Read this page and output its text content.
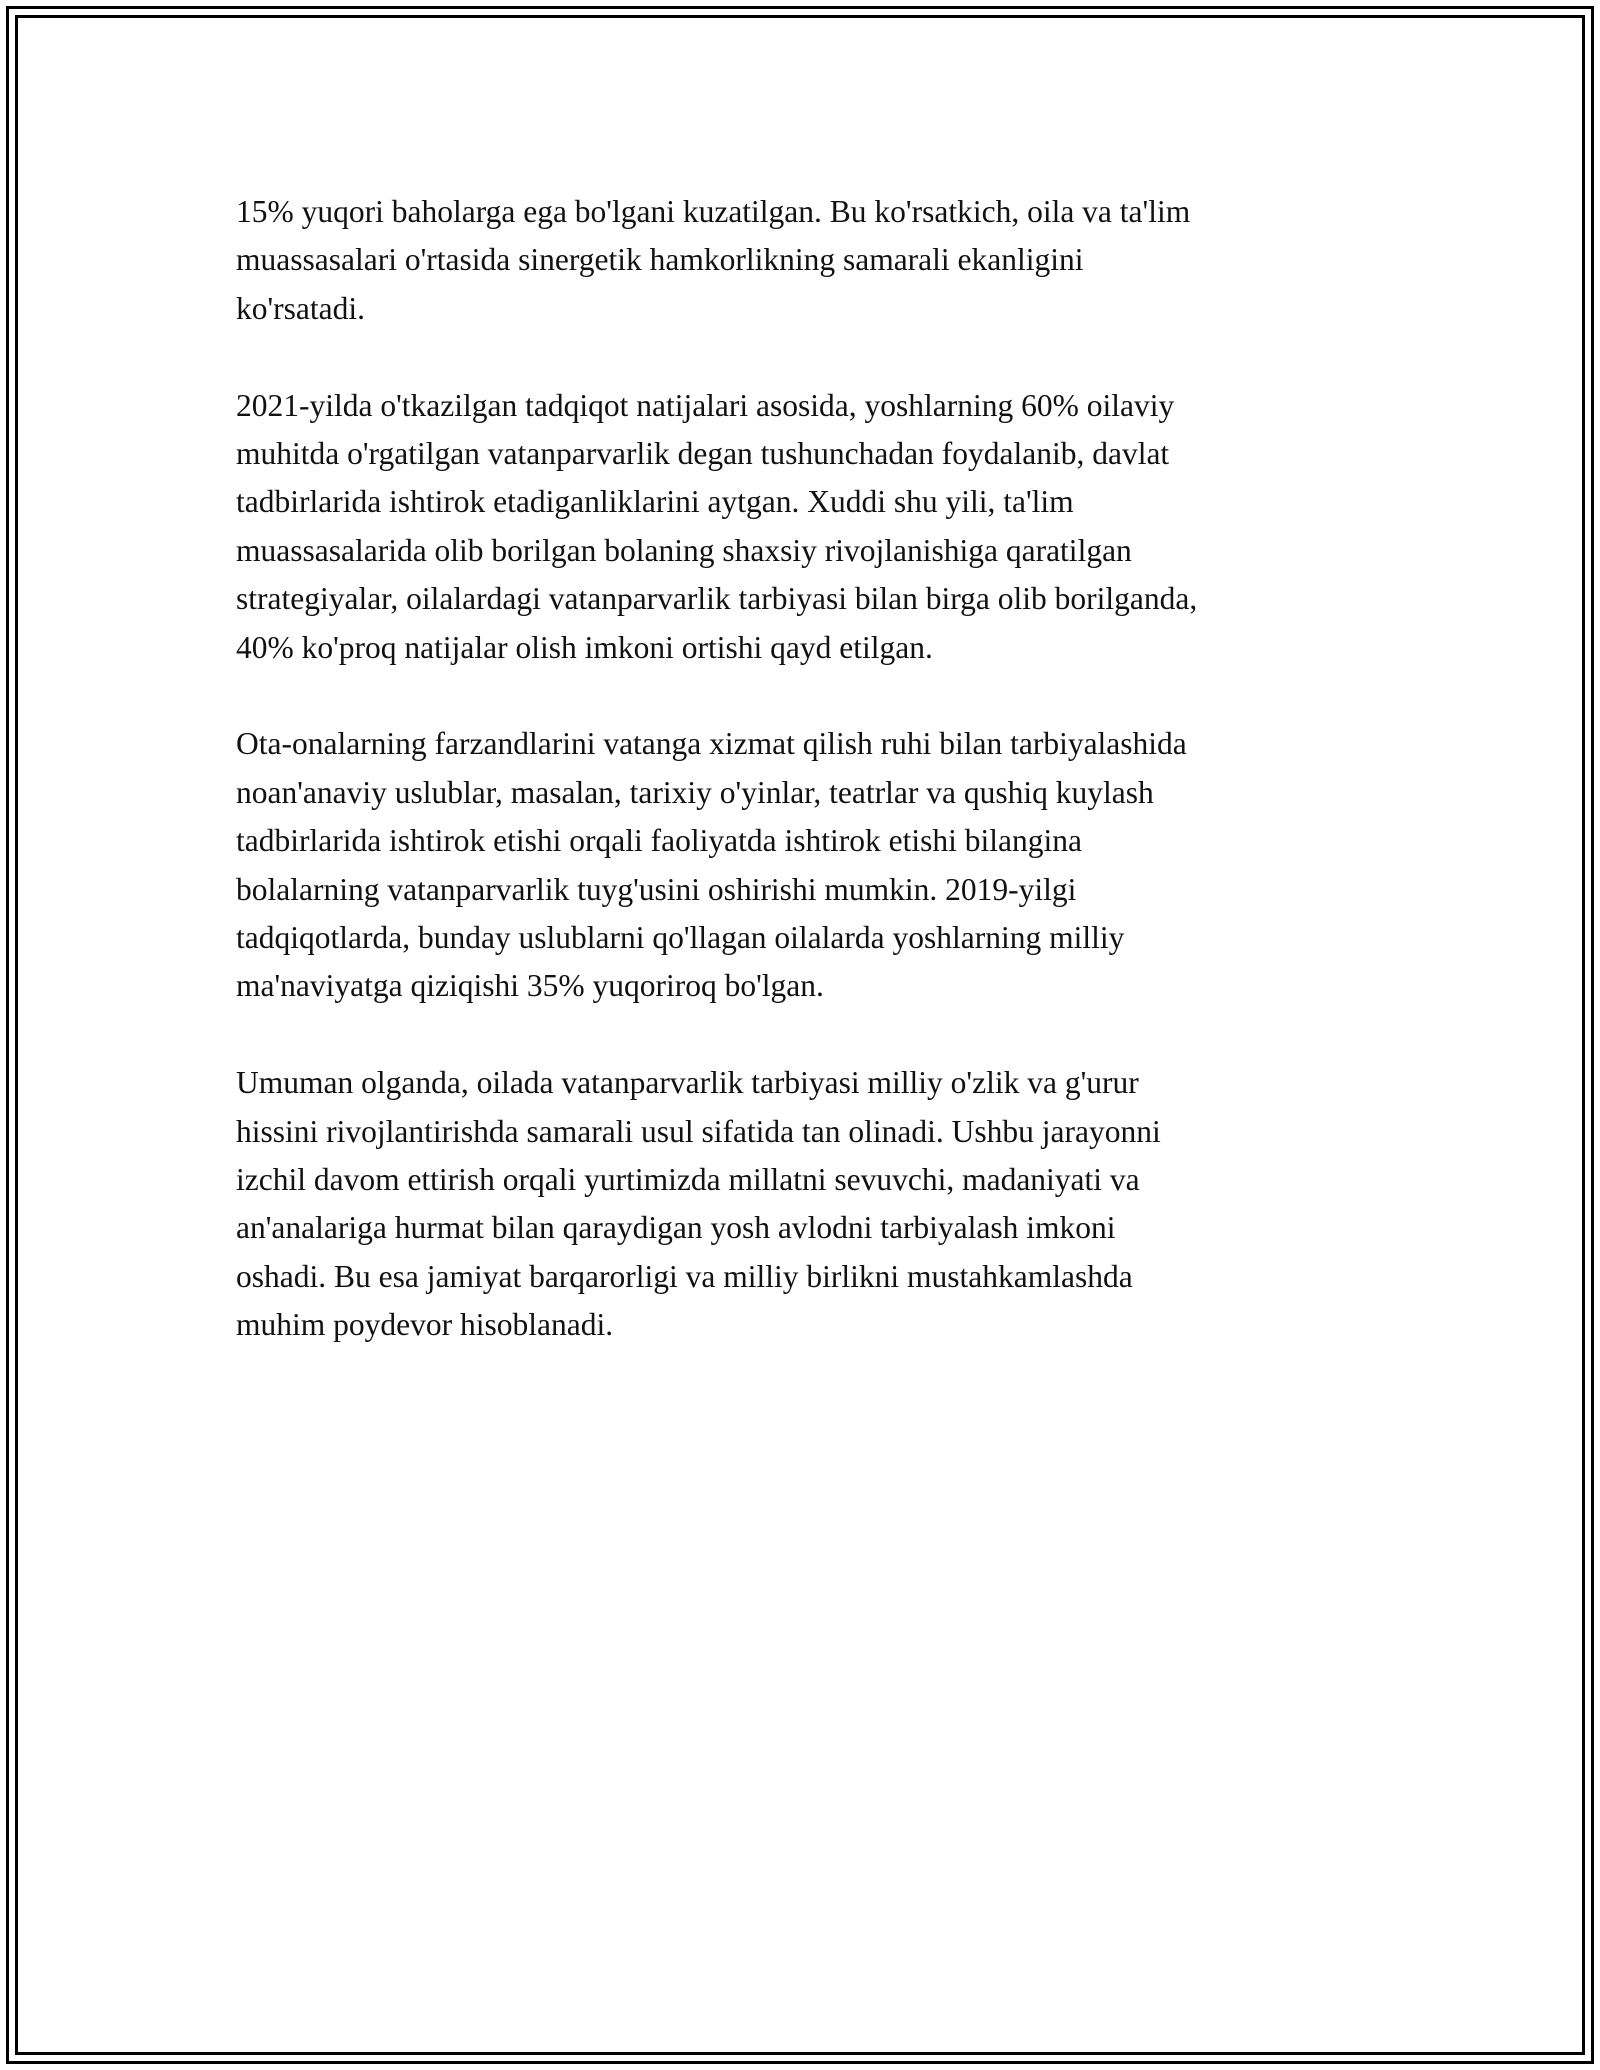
15% yuqori baholarga ega bo'lgani kuzatilgan. Bu ko'rsatkich, oila va ta'lim
muassasalari o'rtasida sinergetik hamkorlikning samarali ekanligini
ko'rsatadi.

2021-yilda o'tkazilgan tadqiqot natijalari asosida, yoshlarning 60% oilaviy
muhitda o'rgatilgan vatanparvarlik degan tushunchadan foydalanib, davlat
tadbirlarida ishtirok etadiganliklarini aytgan. Xuddi shu yili, ta'lim
muassasalarida olib borilgan bolaning shaxsiy rivojlanishiga qaratilgan
strategiyalar, oilalardagi vatanparvarlik tarbiyasi bilan birga olib borilganda,
40% ko'proq natijalar olish imkoni ortishi qayd etilgan.

Ota-onalarning farzandlarini vatanga xizmat qilish ruhi bilan tarbiyalashida
noan'anaviy uslublar, masalan, tarixiy o'yinlar, teatrlar va qushiq kuylash
tadbirlarida ishtirok etishi orqali faoliyatda ishtirok etishi bilangina
bolalarning vatanparvarlik tuyg'usini oshirishi mumkin. 2019-yilgi
tadqiqotlarda, bunday uslublarni qo'llagan oilalarda yoshlarning milliy
ma'naviyatga qiziqishi 35% yuqoriroq bo'lgan.

Umuman olganda, oilada vatanparvarlik tarbiyasi milliy o'zlik va g'urur
hissini rivojlantirishda samarali usul sifatida tan olinadi. Ushbu jarayonni
izchil davom ettirish orqali yurtimizda millatni sevuvchi, madaniyati va
an'analariga hurmat bilan qaraydigan yosh avlodni tarbiyalash imkoni
oshadi. Bu esa jamiyat barqarorligi va milliy birlikni mustahkamlashda
muhim poydevor hisoblanadi.
